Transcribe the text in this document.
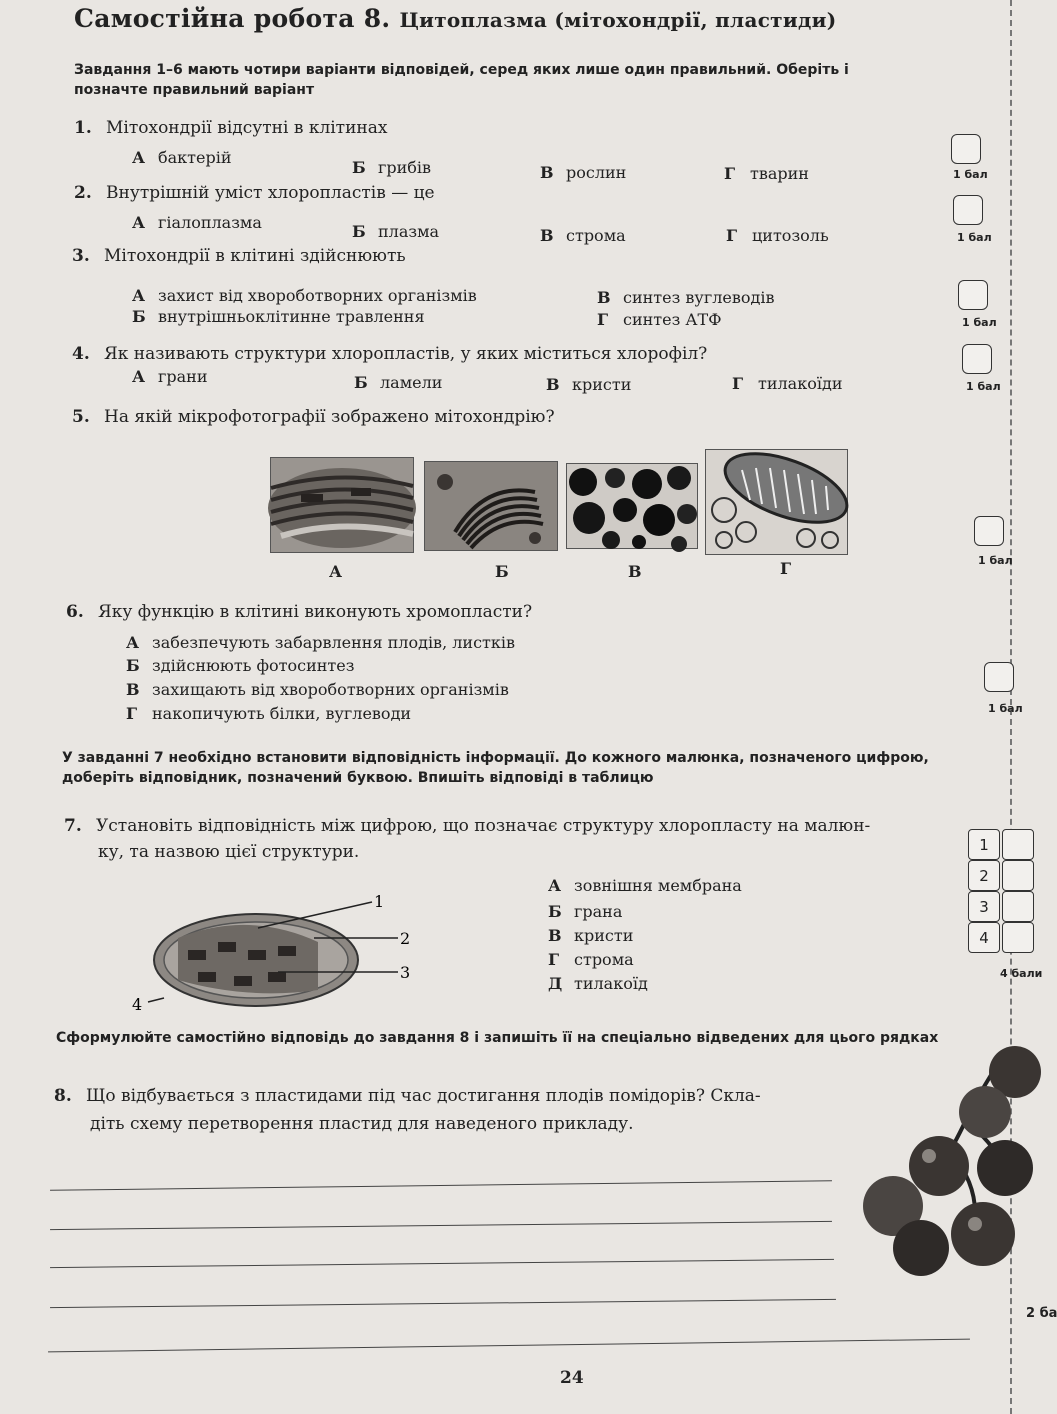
Самостійна робота 8. Цитоплазма (мітохондрії, пластиди)
Завдання 1–6 мають чотири варіанти відповідей, серед яких лише один правильний. Оберіть і позначте правильний варіант
1. Мітохондрії відсутні в клітинах
А бактерій
Б грибів	В рослин	Г тварин	1 бал
2. Внутрішній уміст хлоропластів — це
А гіалоплазма	Б плазма	В строма	Г цитозоль	1 бал
3. Мітохондрії в клітині здійснюють
А захист від хвороботворних організмів
Б внутрішньоклітинне травлення
В синтез вуглеводів
Г синтез АТФ	1 бал
4. Як називають структури хлоропластів, у яких міститься хлорофіл?
А грани	Б ламели	В кристи	Г тилакоїди	1 бал
5. На якій мікрофотографії зображено мітохондрію?
А	Б	В	Г	1 бал
6. Яку функцію в клітині виконують хромопласти?
А забезпечують забарвлення плодів, листків
Б здійснюють фотосинтез
В захищають від хвороботворних організмів
Г накопичують білки, вуглеводи	1 бал
У завданні 7 необхідно встановити відповідність інформації. До кожного малюнка, позначеного цифрою, доберіть відповідник, позначений буквою. Впишіть відповіді в таблицю
7. Установіть відповідність між цифрою, що позначає структуру хлоропласту на малюн-
ку, та назвою цієї структури.
1
2
3
4
А зовнішня мембрана
Б грана
В кристи
Г строма
Д тилакоїд
1
2
3
4
4 бали
Сформулюйте самостійно відповідь до завдання 8 і запишіть її на спеціально відведених для цього рядках
8. Що відбувається з пластидами під час достигання плодів помідорів? Скла-
діть схему перетворення пластид для наведеного прикладу.
2 ба
24
